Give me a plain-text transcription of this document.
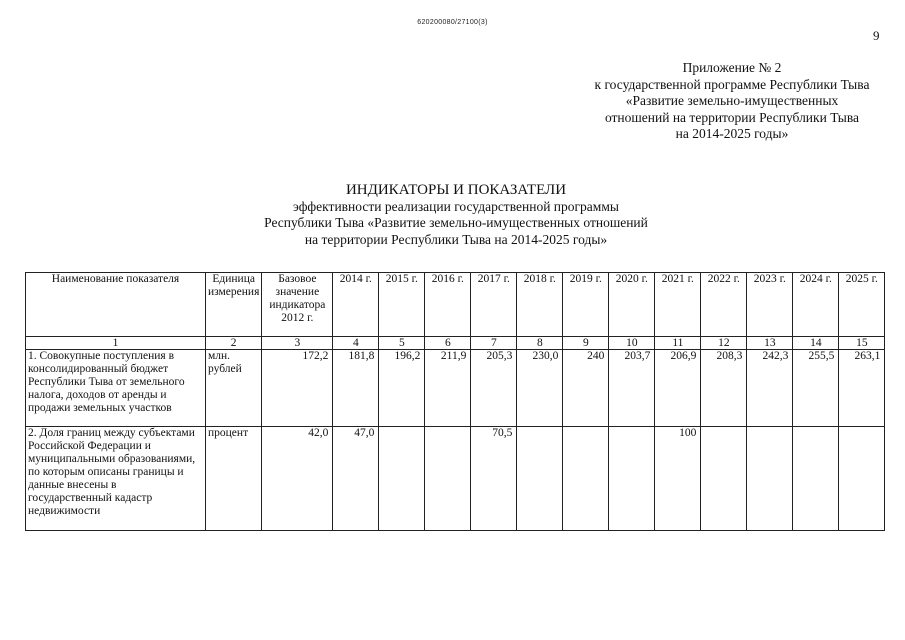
620200080/27100(3)
9
Приложение № 2
к государственной программе Республики Тыва
«Развитие земельно-имущественных
отношений на территории Республики Тыва
на 2014-2025 годы»
ИНДИКАТОРЫ И ПОКАЗАТЕЛИ
эффективности реализации государственной программы
Республики Тыва «Развитие земельно-имущественных отношений
на территории Республики Тыва на 2014-2025 годы»
Наименование показателя	Единица измерения	Базовое значение индикатора 2012 г.	2014 г.	2015 г.	2016 г.	2017 г.	2018 г.	2019 г.	2020 г.	2021 г.	2022 г.	2023 г.	2024 г.	2025 г.
1	2	3	4	5	6	7	8	9	10	11	12	13	14	15
1. Совокупные поступления в консолидированный бюджет Республики Тыва от земельного налога, доходов от аренды и продажи земельных участков	млн. рублей	172,2	181,8	196,2	211,9	205,3	230,0	240	203,7	206,9	208,3	242,3	255,5	263,1
2. Доля границ между субъектами Российской Федерации и муниципальными образованиями, по которым описаны границы и данные внесены в государственный кадастр недвижимости	процент	42,0	47,0			70,5				100				
